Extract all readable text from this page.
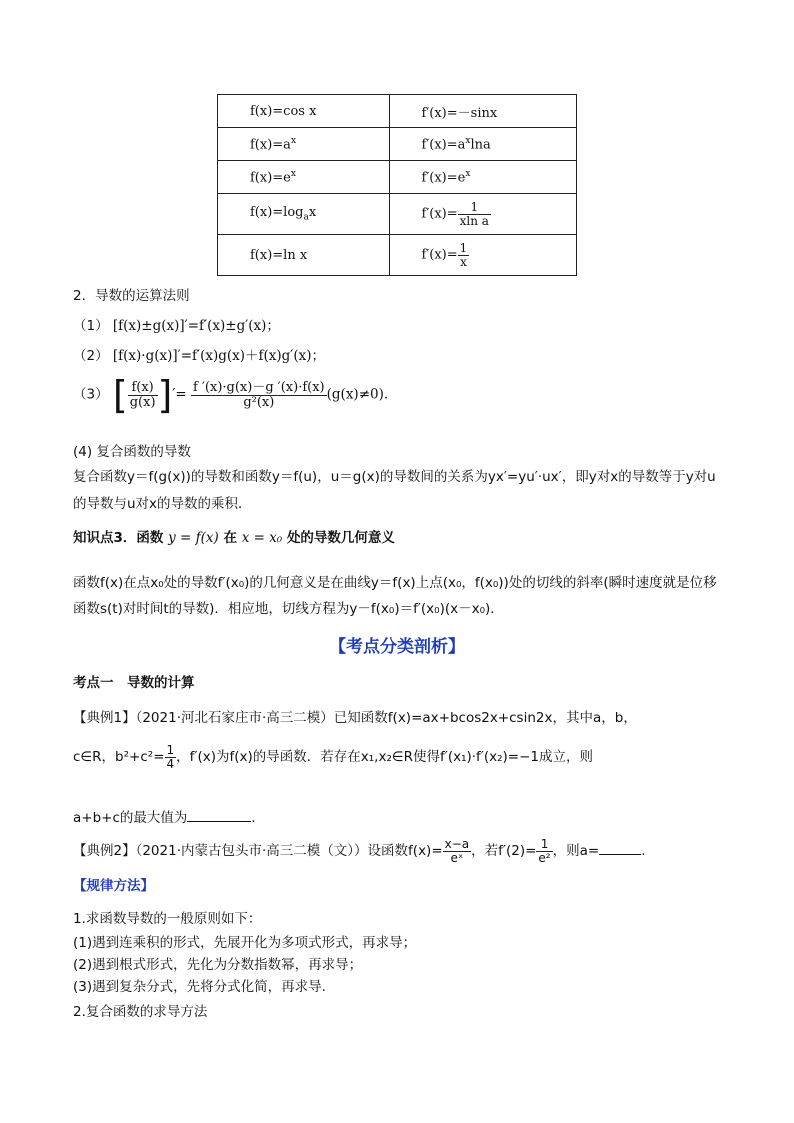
f(x)=cos x	f′(x)=－sinx
$f(x)=a^x$	$f'(x)=a^x\ln a$
$f(x)=e^x$	$f'(x)=e^x$
$f(x)=\log_ax$	$f'(x)= \frac{1}{\text{xln a}}$

f(x)=ln x	$f'(x)= \frac{1}{x}$
2．导数的运算法则
（1） [f(x)±g(x)]′=f′(x)±g′(x)；
（2） [f(x)·g(x)]′=f′(x)g(x)＋f(x)g′(x)；
（3） [ $\frac{f(x)}{g(x)}$ ]′= $\frac{f '(x)\cdot g(x)-g '(x)\cdot f(x)}{\text{g²(x)}} (g(x)\ne 0)$.
(4) 复合函数的导数
复合函数y＝f(g(x))的导数和函数y＝f(u)，u＝g(x)的导数间的关系为yx′=yu′·ux′，即y对x的导数等于y对u
的导数与u对x的导数的乘积．
知识点3．函数 y = f(x) 在 x = x₀ 处的导数几何意义
函数f(x)在点x₀处的导数f′(x₀)的几何意义是在曲线y＝f(x)上点(x₀，f(x₀))处的切线的斜率(瞬时速度就是位移
函数s(t)对时间t的导数)．相应地，切线方程为y－f(x₀)＝f′(x₀)(x－x₀)．
【考点分类剖析】
考点一　导数的计算
【典例1】（2021·河北石家庄市·高三二模）已知函数f(x)=ax+bcos2x+csin2x，其中a，b，
c∈R，$b^2+c^2= \frac{1}{4}$ ，f′(x)为f(x)的导函数．若存在x₁,x₂∈R使得f′(x₁)·f′(x₂)=−1成立，则
a+b+c的最大值为	．
【典例2】（2021·内蒙古包头市·高三二模（文））设函数$f(x)= \frac{x-a}{\text{eˣ}}$ ，若$f'(2)= \frac{1}{\text{e²}}$ ，则a=	.
【规律方法】
1.求函数导数的一般原则如下：
(1)遇到连乘积的形式，先展开化为多项式形式，再求导；
(2)遇到根式形式，先化为分数指数幂，再求导；
(3)遇到复杂分式，先将分式化简，再求导.
2.复合函数的求导方法
